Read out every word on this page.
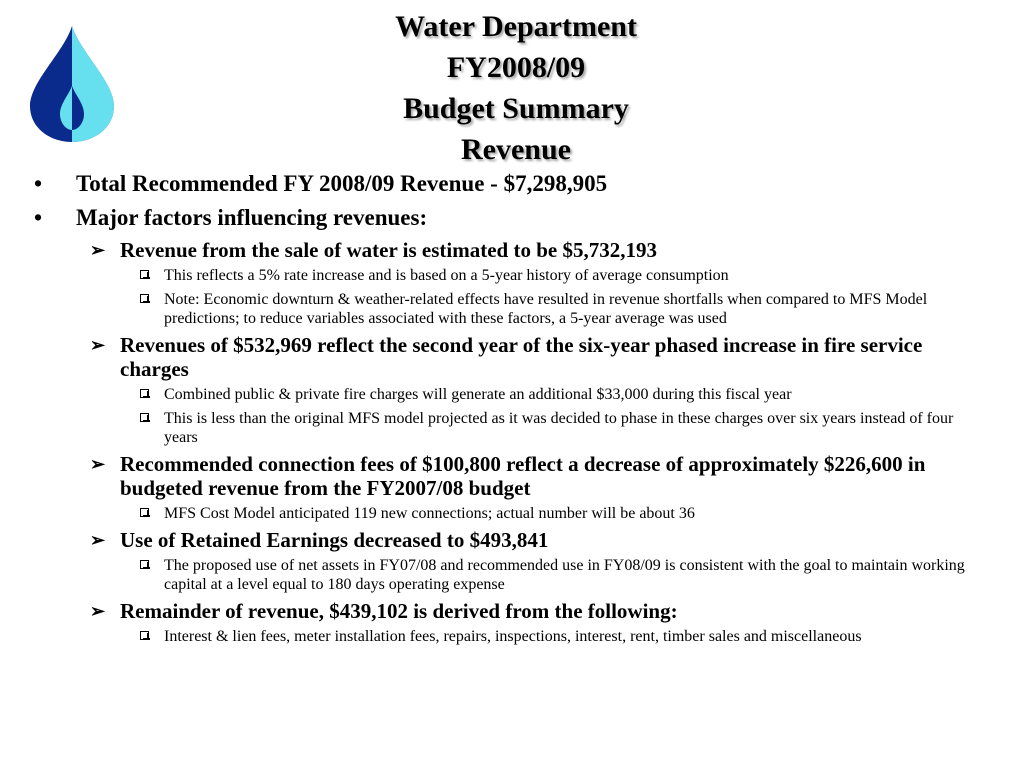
Water Department
FY2008/09
Budget Summary
Revenue
• Total Recommended FY 2008/09 Revenue - $7,298,905
• Major factors influencing revenues:
➢ Revenue from the sale of water is estimated to be $5,732,193
This reflects a 5% rate increase and is based on a 5-year history of average consumption
Note: Economic downturn & weather-related effects have resulted in revenue shortfalls when compared to MFS Model predictions; to reduce variables associated with these factors, a 5-year average was used
➢ Revenues of $532,969 reflect the second year of the six-year phased increase in fire service charges
Combined public & private fire charges will generate an additional $33,000 during this fiscal year
This is less than the original MFS model projected as it was decided to phase in these charges over six years instead of four years
➢ Recommended connection fees of $100,800 reflect a decrease of approximately $226,600 in budgeted revenue from the FY2007/08 budget
MFS Cost Model anticipated 119 new connections; actual number will be about 36
➢ Use of Retained Earnings decreased to $493,841
The proposed use of net assets in FY07/08 and recommended use in FY08/09 is consistent with the goal to maintain working capital at a level equal to 180 days operating expense
➢ Remainder of revenue, $439,102 is derived from the following:
Interest & lien fees, meter installation fees, repairs, inspections, interest, rent, timber sales and miscellaneous
